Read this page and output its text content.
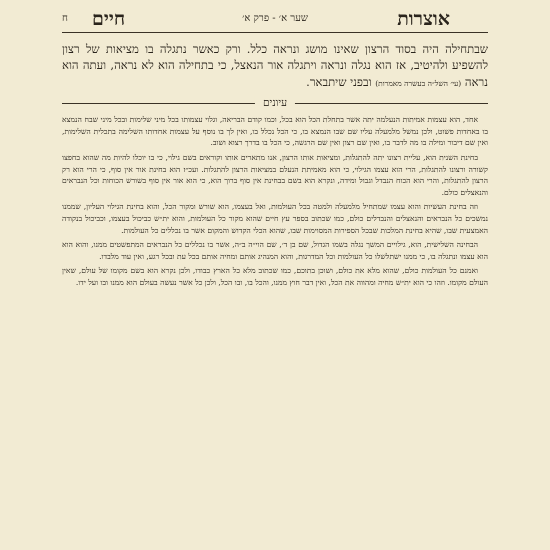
אוצרות
שער א׳ - פרק א׳
חיים
ח
שבתחילה היה בסוד הרצון שאינו מושג ונראה כלל. ורק כאשר נתגלה בו מציאות של רצון להשפיע ולהיטיב, אז הוא נגלה ונראה ויתגלה אור הנאצל, כי בתחילה הוא לא נראה, ועתה הוא נראה (עי׳ השל״ה בעשרה מאמרות) ובפני שיתבאר.
עיונים

אחד, הוא עצמות אמיתות הנעלמה יתה אשר בתחלת הכל הוא בכל, וכמו קודם הבריאה, וגלוי עצמותו בכל מיני שלימות ובכל מיני שבח הנמצא בו באחדות פשוט, ולכן נמשל מלמעלה עליו שם שבו הנמצא בו, כי הכל נכלל בו, ואין לך בו נוסף על עצמות אחדותו השלימה בתכלית השלימות, ואין שם דיבור ומילה בו מה לדבר בו, ואין שם רצון ואין שם הרגשה, כי הכל בו בדרך רצוא ושוב.

בחינת השנית הוא, עליית רצונו יתה להתגלות, ומציאות אותו הרצון, אנו מתארים אותו וקוראים בשם גילוי, כי בו יוכלו להיות מה שהוא בחפצו קשורה ורצונו להתגלות, הרי הוא עצמו הגילוי, כי הוא מאמיתת הנעלם במציאות הרצון להתגלות. ועכ״ז הוא בחינת אור אין סוף, כי הרי הוא רק הרצון להתגלות, והרי הוא הכוח הנבדל וגבול ומידה, ונקרא הוא בשם בבחינת אין סוף ברוך הוא, כי הוא אור אין סוף בשורש הכוחות וכל הנבראים והנאצלים כולם.

וזה בחינת העשיות והוא עצמו שמתחיל מלמעלה ולמטה בכל העולמות, ואל בעצמו, הוא שורש ומקור הכל, והוא בחינת הגילוי העליון, שממנו נמשכים כל הנבראים והנאצלים והנבדלים כולם, כמו שכתוב בספר עץ חיים שהוא מקור כל העולמות, והוא ית״ש כביכול בעצמו, וכביכול בנקודה האמצעית שבו, שהיא בחינת המלכות שבכל הספירות המסוימות שבו, שהוא הכלי הקדוש והמקום אשר בו נכללים כל העולמות.

הבחינה השלישית, הוא, גילויים המשך נגלה בשמו הגדול, שם בן ד׳, שם הוי״ה ב״ה, אשר בו נכללים כל הנבראים המתפשטים ממנו, והוא הוא הוא עצמו ונתגלה בו, כי ממנו ישתלשלו כל העולמות וכל המדרגות, והוא המנהיג אותם ומחיה אותם בכל עת ובכל רגע, ואין עוד מלבדו.

ואמנם כל העולמות כולם, שהוא מלא את כולם, ושוכן בתוכם, כמו שכתוב מלא כל הארץ כבודו, ולכן נקרא הוא בשם מקומו של עולם, שאין העולם מקומו. וזהו כי הוא ית״ש מחיה ומהווה את הכל, ואין דבר חוץ ממנו, והכל בו, ובו הכל, ולכן כל אשר נעשה בעולם הוא ממנו ובו ועל ידו.
